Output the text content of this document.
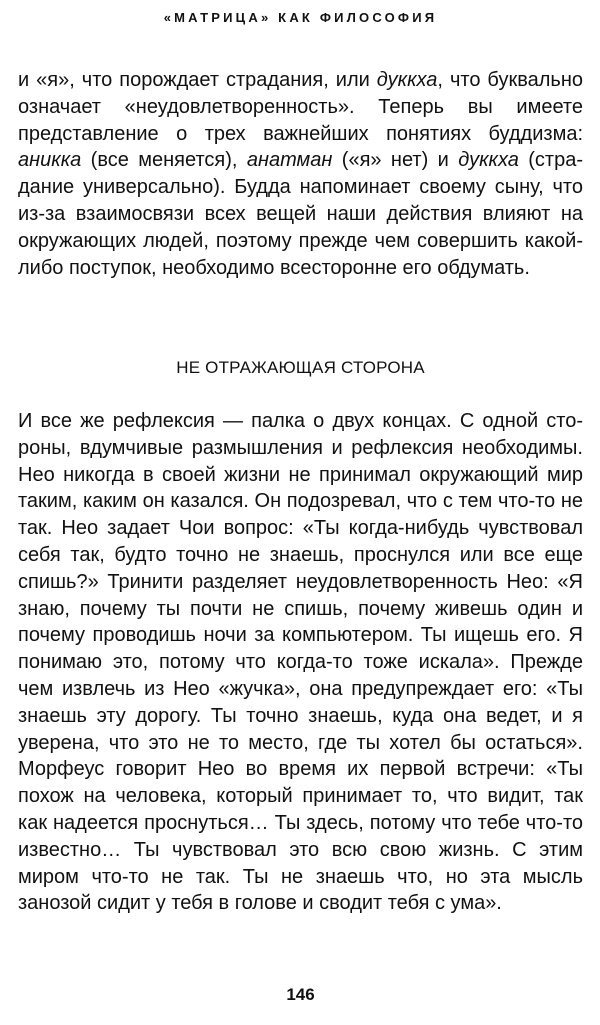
«МАТРИЦА» КАК ФИЛОСОФИЯ

и «я», что порождает страдания, или дуккха, что буквально означает «неудовлетворенность». Теперь вы имеете представление о трех важнейших понятиях буддизма: аникка (все меняется), анатман («я» нет) и дуккха (страдание универсально). Будда напоминает своему сыну, что из-за взаимосвязи всех вещей наши действия влияют на окружающих людей, поэтому прежде чем совершить какой-либо поступок, необходимо всесторонне его обдумать.

НЕ ОТРАЖАЮЩАЯ СТОРОНА

И все же рефлексия — палка о двух концах. С одной стороны, вдумчивые размышления и рефлексия необходимы. Нео никогда в своей жизни не принимал окружающий мир таким, каким он казался. Он подозревал, что с тем что-то не так. Нео задает Чои вопрос: «Ты когда-нибудь чувствовал себя так, будто точно не знаешь, проснулся или все еще спишь?» Тринити разделяет неудовлетворенность Нео: «Я знаю, почему ты почти не спишь, почему живешь один и почему проводишь ночи за компьютером. Ты ищешь его. Я понимаю это, потому что когда-то тоже искала». Прежде чем извлечь из Нео «жучка», она предупреждает его: «Ты знаешь эту дорогу. Ты точно знаешь, куда она ведет, и я уверена, что это не то место, где ты хотел бы остаться». Морфеус говорит Нео во время их первой встречи: «Ты похож на человека, который принимает то, что видит, так как надеется проснуться… Ты здесь, потому что тебе что-то известно… Ты чувствовал это всю свою жизнь. С этим миром что-то не так. Ты не знаешь что, но эта мысль занозой сидит у тебя в голове и сводит тебя с ума».

146
